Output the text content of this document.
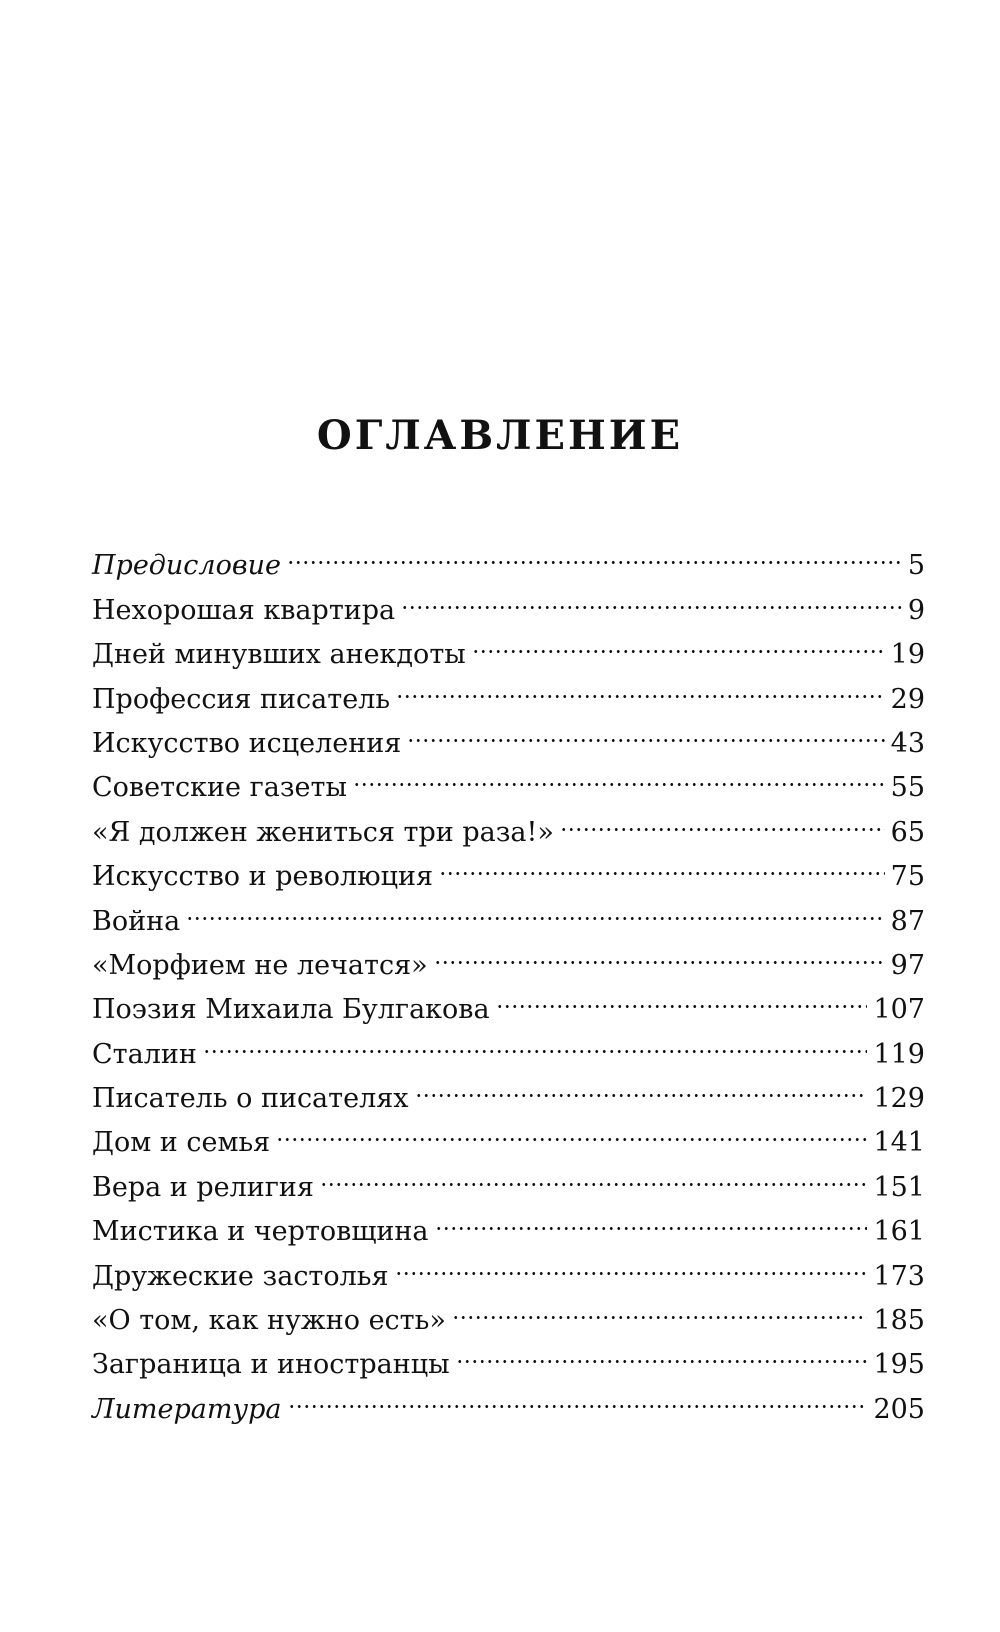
ОГЛАВЛЕНИЕ
Предисловие	5
Нехорошая квартира	9
Дней минувших анекдоты	19
Профессия писатель	29
Искусство исцеления	43
Советские газеты	55
«Я должен жениться три раза!»	65
Искусство и революция	75
Война	87
«Морфием не лечатся»	97
Поэзия Михаила Булгакова	107
Сталин	119
Писатель о писателях	129
Дом и семья	141
Вера и религия	151
Мистика и чертовщина	161
Дружеские застолья	173
«О том, как нужно есть»	185
Заграница и иностранцы	195
Литература	205
